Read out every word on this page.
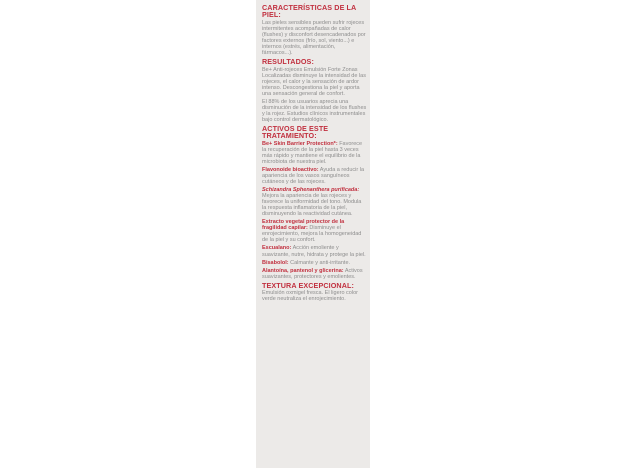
CARACTERÍSTICAS DE LA PIEL:
Las pieles sensibles pueden sufrir rojeces intermitentes acompañadas de calor (flushes) y disconfort desencadenados por factores externos (frío, sol, viento...) e internos (estrés, alimentación, fármacos...).
RESULTADOS:
Be+ Anti-rojeces Emulsión Forte Zonas Localizadas disminuye la intensidad de las rojeces, el calor y la sensación de ardor intenso. Descongestiona la piel y aporta una sensación general de confort.
El 88% de los usuarios aprecia una disminución de la intensidad de los flushes y la rojez. Estudios clínicos instrumentales bajo control dermatológico.
ACTIVOS DE ESTE TRATAMIENTO:
Be+ Skin Barrier Protection*: Favorece la recuperación de la piel hasta 3 veces más rápido y mantiene el equilibrio de la microbiota de nuestra piel.
Flavonoide bioactivo: Ayuda a reducir la apariencia de los vasos sanguíneos cutáneos y de las rojeces.
Schizandra Sphenanthera purificada: Mejora la apariencia de las rojeces y favorece la uniformidad del tono. Modula la respuesta inflamatoria de la piel, disminuyendo la reactividad cutánea.
Extracto vegetal protector de la fragilidad capilar: Disminuye el enrojecimiento, mejora la homogeneidad de la piel y su confort.
Escualano: Acción emoliente y suavizante, nutre, hidrata y protege la piel.
Bisabolol: Calmante y anti-irritante.
Alantoína, pantenol y glicerina: Activos suavizantes, protectores y emolientes.
TEXTURA EXCEPCIONAL:
Emulsión oxmigel fresca. El ligero color verde neutraliza el enrojecimiento.
